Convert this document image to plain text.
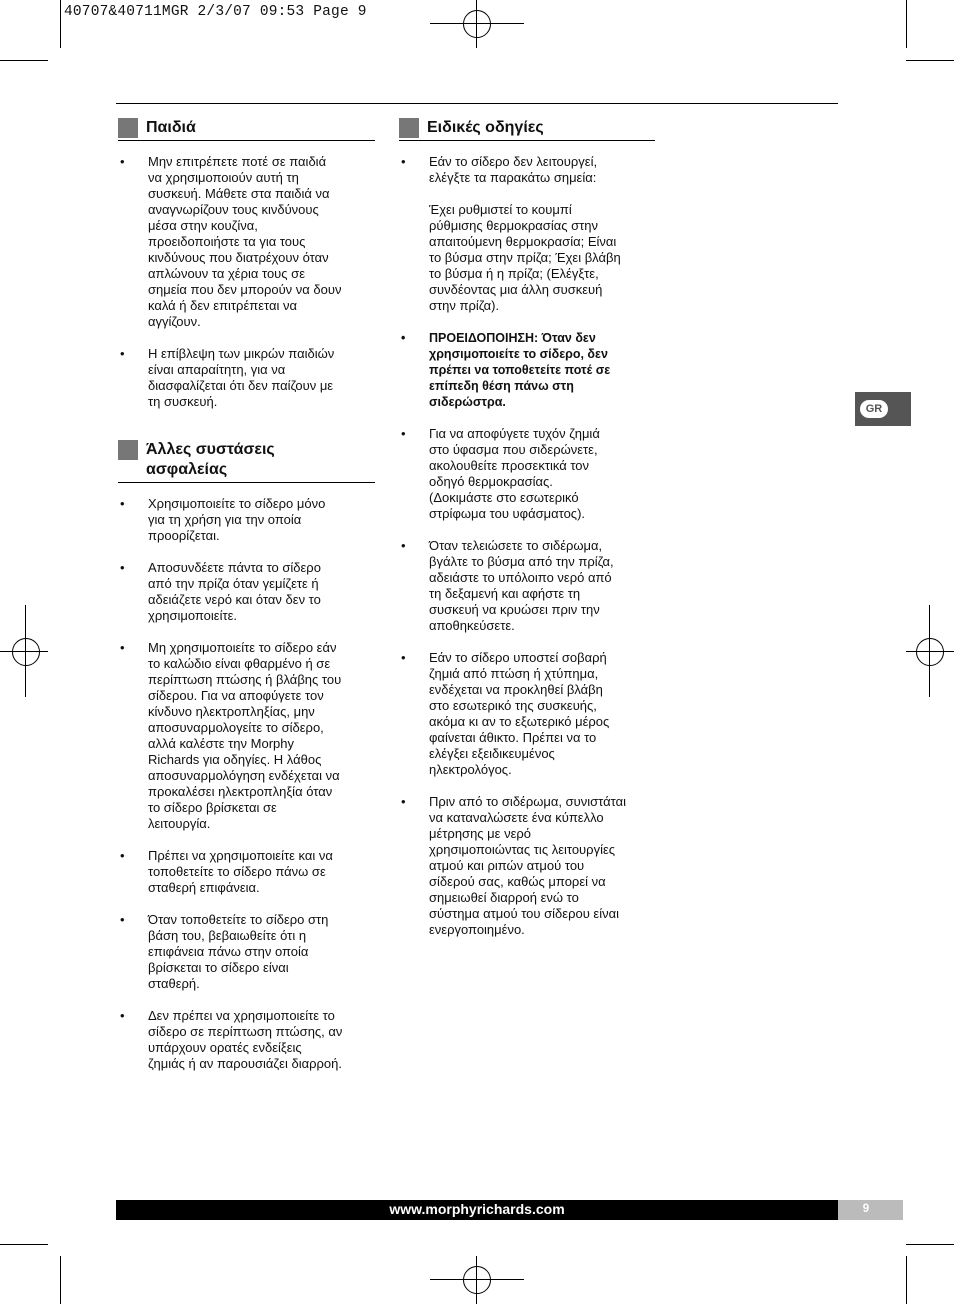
40707&40711MGR 2/3/07 09:53 Page 9
Παιδιά
•	Μην επιτρέπετε ποτέ σε παιδιά
να χρησιμοποιούν αυτή τη
συσκευή. Μάθετε στα παιδιά να
αναγνωρίζουν τους κινδύνους
μέσα στην κουζίνα,
προειδοποιήστε τα για τους
κινδύνους που διατρέχουν όταν
απλώνουν τα χέρια τους σε
σημεία που δεν μπορούν να δουν
καλά ή δεν επιτρέπεται να
αγγίζουν.
•	Η επίβλεψη των μικρών παιδιών
είναι απαραίτητη, για να
διασφαλίζεται ότι δεν παίζουν με
τη συσκευή.
Άλλες συστάσεις
ασφαλείας
•	Χρησιμοποιείτε το σίδερο μόνο
για τη χρήση για την οποία
προορίζεται.
•	Αποσυνδέετε πάντα το σίδερο
από την πρίζα όταν γεμίζετε ή
αδειάζετε νερό και όταν δεν το
χρησιμοποιείτε.
•	Μη χρησιμοποιείτε το σίδερο εάν
το καλώδιο είναι φθαρμένο ή σε
περίπτωση πτώσης ή βλάβης του
σίδερου. Για να αποφύγετε τον
κίνδυνο ηλεκτροπληξίας, μην
αποσυναρμολογείτε το σίδερο,
αλλά καλέστε την Morphy
Richards για οδηγίες. Η λάθος
αποσυναρμολόγηση ενδέχεται να
προκαλέσει ηλεκτροπληξία όταν
το σίδερο βρίσκεται σε
λειτουργία.
•	Πρέπει να χρησιμοποιείτε και να
τοποθετείτε το σίδερο πάνω σε
σταθερή επιφάνεια.
•	Όταν τοποθετείτε το σίδερο στη
βάση του, βεβαιωθείτε ότι η
επιφάνεια πάνω στην οποία
βρίσκεται το σίδερο είναι
σταθερή.
•	Δεν πρέπει να χρησιμοποιείτε το
σίδερο σε περίπτωση πτώσης, αν
υπάρχουν ορατές ενδείξεις
ζημιάς ή αν παρουσιάζει διαρροή.
Ειδικές οδηγίες
•	Εάν το σίδερο δεν λειτουργεί,
ελέγξτε τα παρακάτω σημεία:

Έχει ρυθμιστεί το κουμπί
ρύθμισης θερμοκρασίας στην
απαιτούμενη θερμοκρασία; Είναι
το βύσμα στην πρίζα; Έχει βλάβη
το βύσμα ή η πρίζα; (Ελέγξτε,
συνδέοντας μια άλλη συσκευή
στην πρίζα).
•	ΠΡΟΕΙΔΟΠΟΙΗΣΗ: Όταν δεν
χρησιμοποιείτε το σίδερο, δεν
πρέπει να τοποθετείτε ποτέ σε
επίπεδη θέση πάνω στη
σιδερώστρα.
•	Για να αποφύγετε τυχόν ζημιά
στο ύφασμα που σιδερώνετε,
ακολουθείτε προσεκτικά τον
οδηγό θερμοκρασίας.
(Δοκιμάστε στο εσωτερικό
στρίφωμα του υφάσματος).
•	Όταν τελειώσετε το σιδέρωμα,
βγάλτε το βύσμα από την πρίζα,
αδειάστε το υπόλοιπο νερό από
τη δεξαμενή και αφήστε τη
συσκευή να κρυώσει πριν την
αποθηκεύσετε.
•	Εάν το σίδερο υποστεί σοβαρή
ζημιά από πτώση ή χτύπημα,
ενδέχεται να προκληθεί βλάβη
στο εσωτερικό της συσκευής,
ακόμα κι αν το εξωτερικό μέρος
φαίνεται άθικτο. Πρέπει να το
ελέγξει εξειδικευμένος
ηλεκτρολόγος.
•	Πριν από το σιδέρωμα, συνιστάται
να καταναλώσετε ένα κύπελλο
μέτρησης με νερό
χρησιμοποιώντας τις λειτουργίες
ατμού και ριπών ατμού του
σίδερού σας, καθώς μπορεί να
σημειωθεί διαρροή ενώ το
σύστημα ατμού του σίδερου είναι
ενεργοποιημένο.
GR
www.morphyrichards.com	9
